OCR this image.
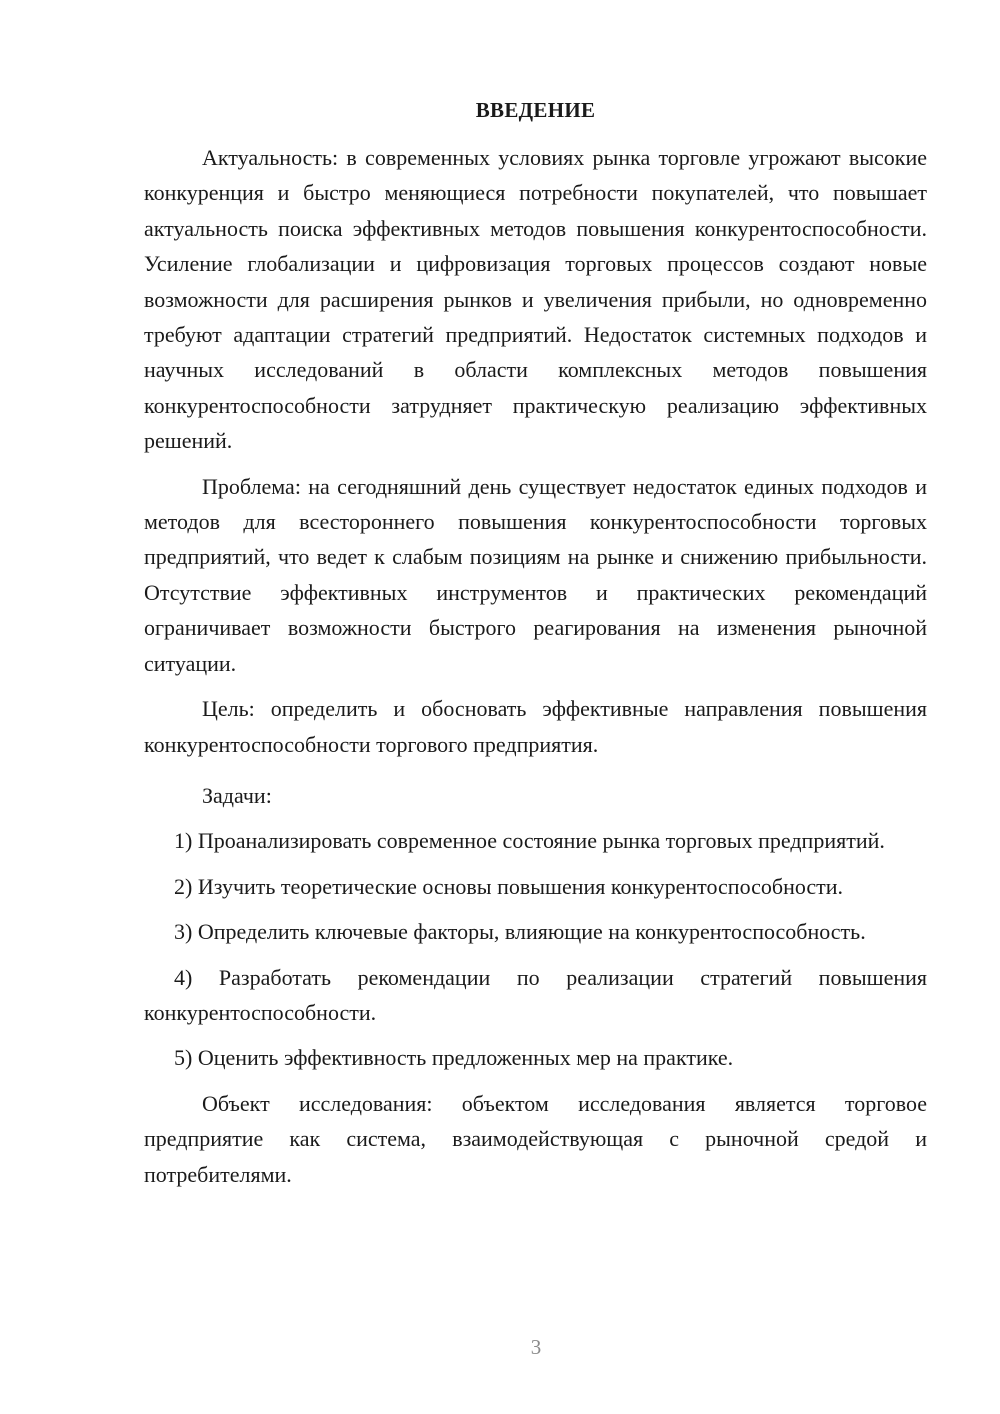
ВВЕДЕНИЕ

Актуальность: в современных условиях рынка торговле угрожают высокие конкуренция и быстро меняющиеся потребности покупателей, что повышает актуальность поиска эффективных методов повышения конкурентоспособности. Усиление глобализации и цифровизация торговых процессов создают новые возможности для расширения рынков и увеличения прибыли, но одновременно требуют адаптации стратегий предприятий. Недостаток системных подходов и научных исследований в области комплексных методов повышения конкурентоспособности затрудняет практическую реализацию эффективных решений.

Проблема: на сегодняшний день существует недостаток единых подходов и методов для всестороннего повышения конкурентоспособности торговых предприятий, что ведет к слабым позициям на рынке и снижению прибыльности. Отсутствие эффективных инструментов и практических рекомендаций ограничивает возможности быстрого реагирования на изменения рыночной ситуации.

Цель: определить и обосновать эффективные направления повышения конкурентоспособности торгового предприятия.

Задачи:

1) Проанализировать современное состояние рынка торговых предприятий.

2) Изучить теоретические основы повышения конкурентоспособности.

3) Определить ключевые факторы, влияющие на конкурентоспособность.

4) Разработать рекомендации по реализации стратегий повышения конкурентоспособности.

5) Оценить эффективность предложенных мер на практике.

Объект исследования: объектом исследования является торговое предприятие как система, взаимодействующая с рыночной средой и потребителями.

3
